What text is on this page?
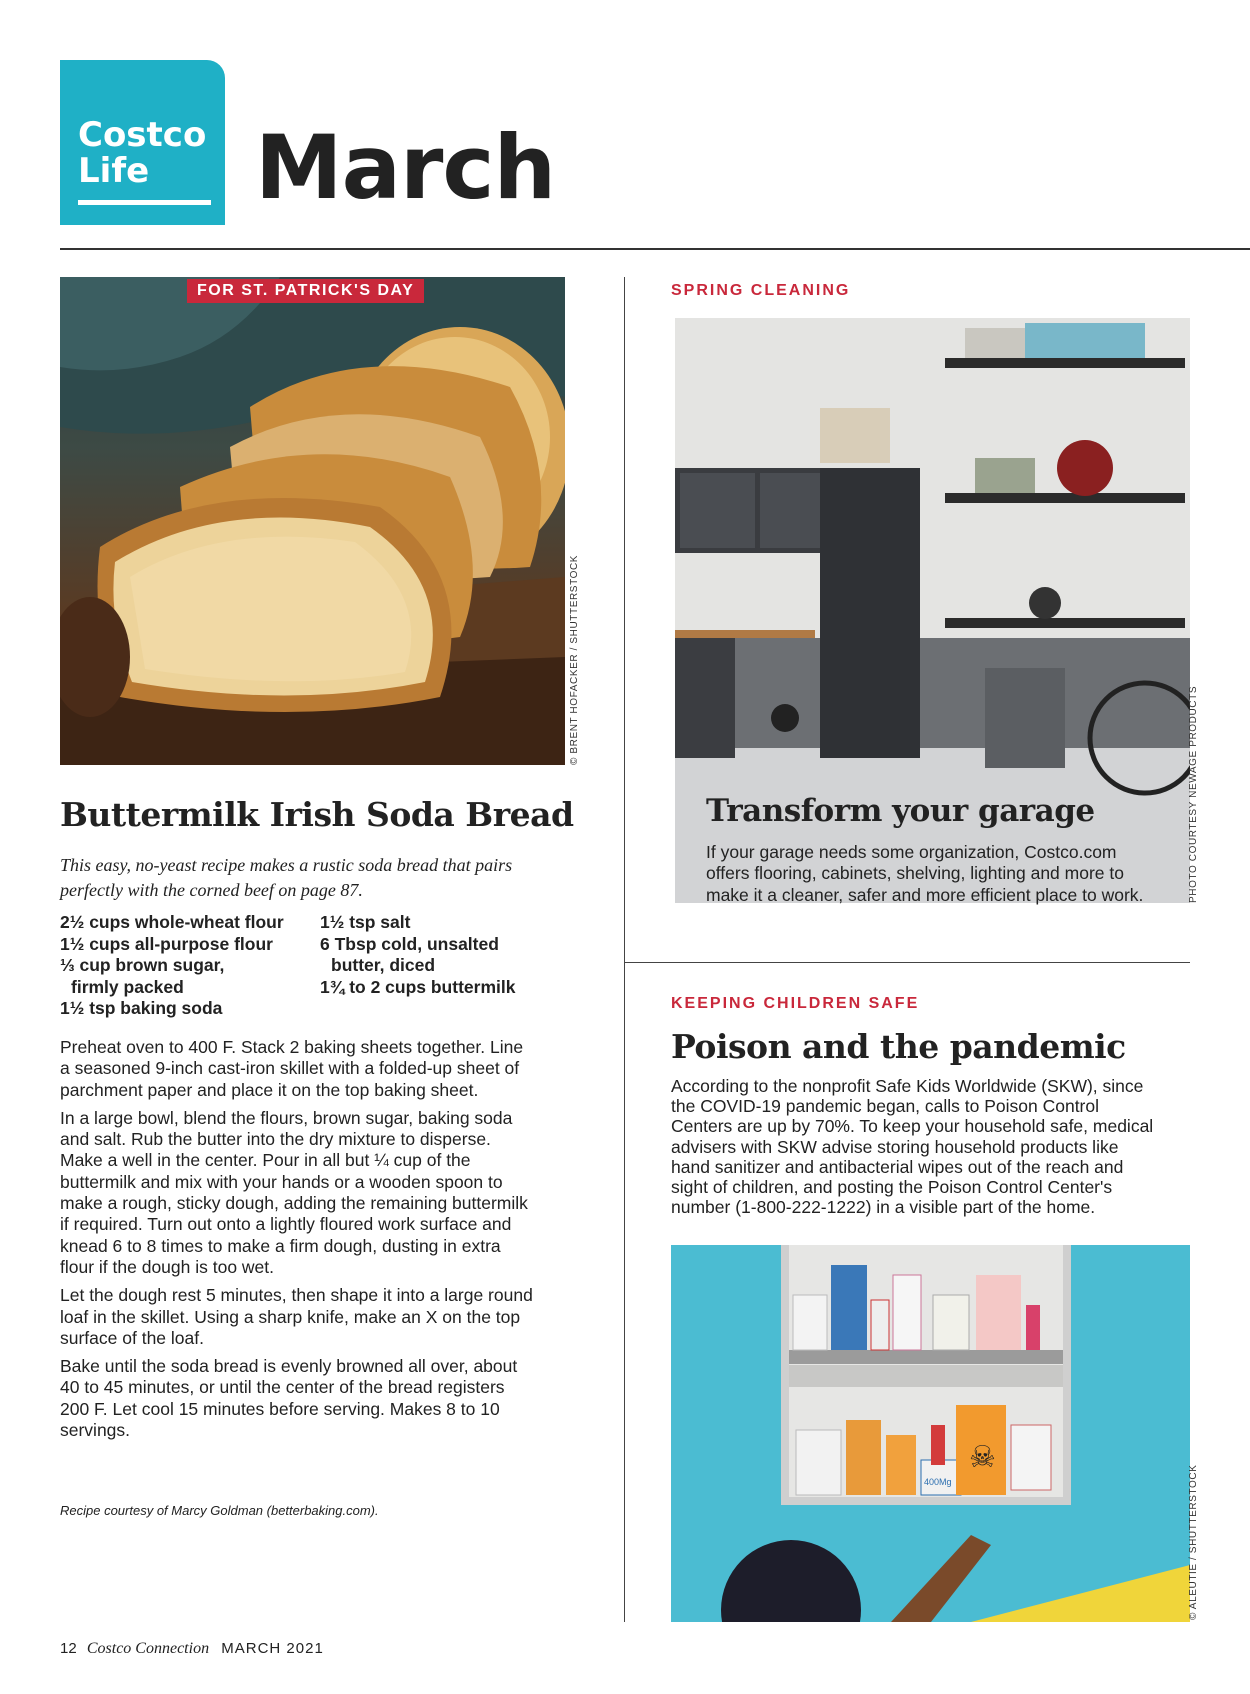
Costco
Life March
FOR ST. PATRICK'S DAY
© BRENT HOFACKER / SHUTTERSTOCK
Buttermilk Irish Soda Bread
This easy, no-yeast recipe makes a rustic soda bread that pairs perfectly with the corned beef on page 87.
2½ cups whole-wheat flour
1½ cups all-purpose flour
⅓ cup brown sugar,
firmly packed
1½ tsp baking soda
1½ tsp salt
6 Tbsp cold, unsalted
butter, diced
1¾ to 2 cups buttermilk

Preheat oven to 400 F. Stack 2 baking sheets together. Line a seasoned 9-inch cast-iron skillet with a folded-up sheet of parchment paper and place it on the top baking sheet.

In a large bowl, blend the flours, brown sugar, baking soda and salt. Rub the butter into the dry mixture to disperse. Make a well in the center. Pour in all but ¼ cup of the buttermilk and mix with your hands or a wooden spoon to make a rough, sticky dough, adding the remaining buttermilk if required. Turn out onto a lightly floured work surface and knead 6 to 8 times to make a firm dough, dusting in extra flour if the dough is too wet.

Let the dough rest 5 minutes, then shape it into a large round loaf in the skillet. Using a sharp knife, make an X on the top surface of the loaf.

Bake until the soda bread is evenly browned all over, about 40 to 45 minutes, or until the center of the bread registers 200 F. Let cool 15 minutes before serving. Makes 8 to 10 servings.

Recipe courtesy of Marcy Goldman (betterbaking.com).
SPRING CLEANING
PHOTO COURTESY NEWAGE PRODUCTS
Transform your garage
If your garage needs some organization, Costco.com offers flooring, cabinets, shelving, lighting and more to make it a cleaner, safer and more efficient place to work.
KEEPING CHILDREN SAFE
Poison and the pandemic
According to the nonprofit Safe Kids Worldwide (SKW), since the COVID-19 pandemic began, calls to Poison Control Centers are up by 70%. To keep your household safe, medical advisers with SKW advise storing household products like hand sanitizer and antibacterial wipes out of the reach and sight of children, and posting the Poison Control Center's number (1-800-222-1222) in a visible part of the home.
400Mg
☠
© ALEUTIE / SHUTTERSTOCK
12 Costco Connection MARCH 2021
